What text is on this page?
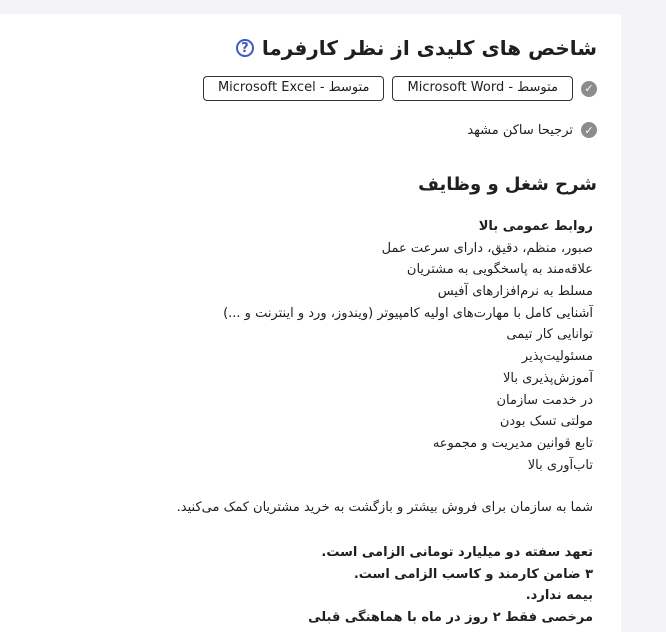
شاخص های کلیدی از نظر کارفرما
?
✓
Microsoft Word - متوسط
Microsoft Excel - متوسط
✓
ترجیحا ساکن مشهد
شرح شغل و وظایف
روابط عمومی بالا
صبور، منظم، دقیق، دارای سرعت عمل
علاقه‌مند به پاسخگویی به مشتریان
مسلط به نرم‌افزارهای آفیس
آشنایی کامل با مهارت‌های اولیه کامپیوتر (ویندوز، ورد و اینترنت و ...)
توانایی کار تیمی
مسئولیت‌پذیر
آموزش‌پذیری بالا
در خدمت سازمان
مولتی تسک بودن
تابع قوانین مدیریت و مجموعه
تاب‌آوری بالا
شما به سازمان برای فروش بیشتر و بازگشت به خرید مشتریان کمک می‌کنید.
تعهد سفته دو میلیارد تومانی الزامی است.
۳ ضامن کارمند و کاسب الزامی است.
بیمه ندارد.
مرخصی فقط ۲ روز در ماه با هماهنگی قبلی
